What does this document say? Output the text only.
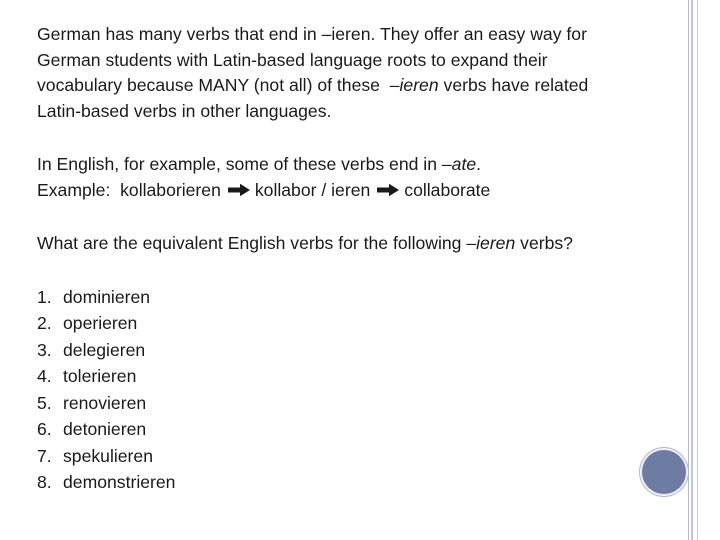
German has many verbs that end in –ieren. They offer an easy way for
German students with Latin-based language roots to expand their
vocabulary because MANY (not all) of these  –ieren verbs have related
Latin-based verbs in other languages.

In English, for example, some of these verbs end in –ate.
Example:  kollaborieren kollabor / ieren collaborate

What are the equivalent English verbs for the following –ieren verbs?

1. dominieren
2. operieren
3. delegieren
4. tolerieren
5. renovieren
6. detonieren
7. spekulieren
8. demonstrieren
